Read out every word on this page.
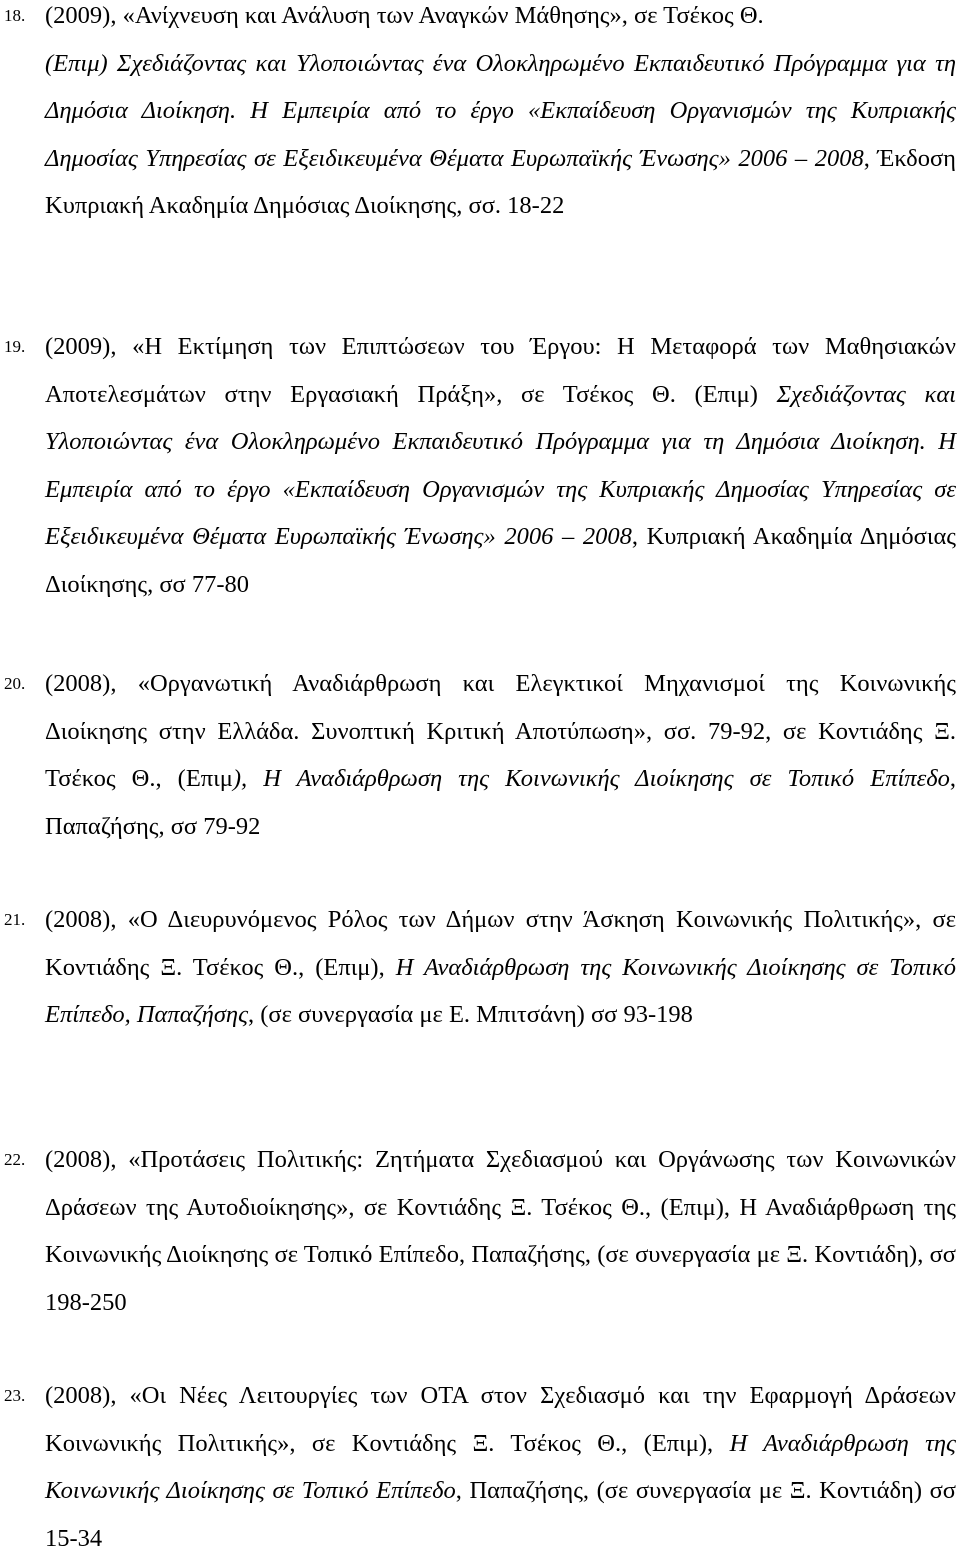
18. (2009), «Ανίχνευση και Ανάλυση των Αναγκών Μάθησης», σε Τσέκος Θ.
(Επιμ) Σχεδιάζοντας και Υλοποιώντας ένα Ολοκληρωμένο Εκπαιδευτικό Πρόγραμμα για τη Δημόσια Διοίκηση. Η Εμπειρία από το έργο «Εκπαίδευση Οργανισμών της Κυπριακής Δημοσίας Υπηρεσίας σε Εξειδικευμένα Θέματα Ευρωπαϊκής Ένωσης» 2006 – 2008, Έκδοση Κυπριακή Ακαδημία Δημόσιας Διοίκησης, σσ. 18-22
19. (2009), «Η Εκτίμηση των Επιπτώσεων του Έργου: Η Μεταφορά των Μαθησιακών Αποτελεσμάτων στην Εργασιακή Πράξη», σε Τσέκος Θ. (Επιμ) Σχεδιάζοντας και Υλοποιώντας ένα Ολοκληρωμένο Εκπαιδευτικό Πρόγραμμα για τη Δημόσια Διοίκηση. Η Εμπειρία από το έργο «Εκπαίδευση Οργανισμών της Κυπριακής Δημοσίας Υπηρεσίας σε Εξειδικευμένα Θέματα Ευρωπαϊκής Ένωσης» 2006 – 2008, Κυπριακή Ακαδημία Δημόσιας Διοίκησης, σσ 77-80
20. (2008), «Οργανωτική Αναδιάρθρωση και Ελεγκτικοί Μηχανισμοί της Κοινωνικής Διοίκησης στην Ελλάδα. Συνοπτική Κριτική Αποτύπωση», σσ. 79-92, σε Κοντιάδης Ξ. Τσέκος Θ., (Επιμ), Η Αναδιάρθρωση της Κοινωνικής Διοίκησης σε Τοπικό Επίπεδο, Παπαζήσης, σσ 79-92
21. (2008), «Ο Διευρυνόμενος Ρόλος των Δήμων στην Άσκηση Κοινωνικής Πολιτικής», σε Κοντιάδης Ξ. Τσέκος Θ., (Επιμ), Η Αναδιάρθρωση της Κοινωνικής Διοίκησης σε Τοπικό Επίπεδο, Παπαζήσης, (σε συνεργασία με Ε. Μπιτσάνη) σσ 93-198
22. (2008), «Προτάσεις Πολιτικής: Ζητήματα Σχεδιασμού και Οργάνωσης των Κοινωνικών Δράσεων της Αυτοδιοίκησης», σε Κοντιάδης Ξ. Τσέκος Θ., (Επιμ), Η Αναδιάρθρωση της Κοινωνικής Διοίκησης σε Τοπικό Επίπεδο, Παπαζήσης, (σε συνεργασία με Ξ. Κοντιάδη), σσ 198-250
23. (2008), «Οι Νέες Λειτουργίες των ΟΤΑ στον Σχεδιασμό και την Εφαρμογή Δράσεων Κοινωνικής Πολιτικής», σε Κοντιάδης Ξ. Τσέκος Θ., (Επιμ), Η Αναδιάρθρωση της Κοινωνικής Διοίκησης σε Τοπικό Επίπεδο, Παπαζήσης, (σε συνεργασία με Ξ. Κοντιάδη) σσ 15-34
